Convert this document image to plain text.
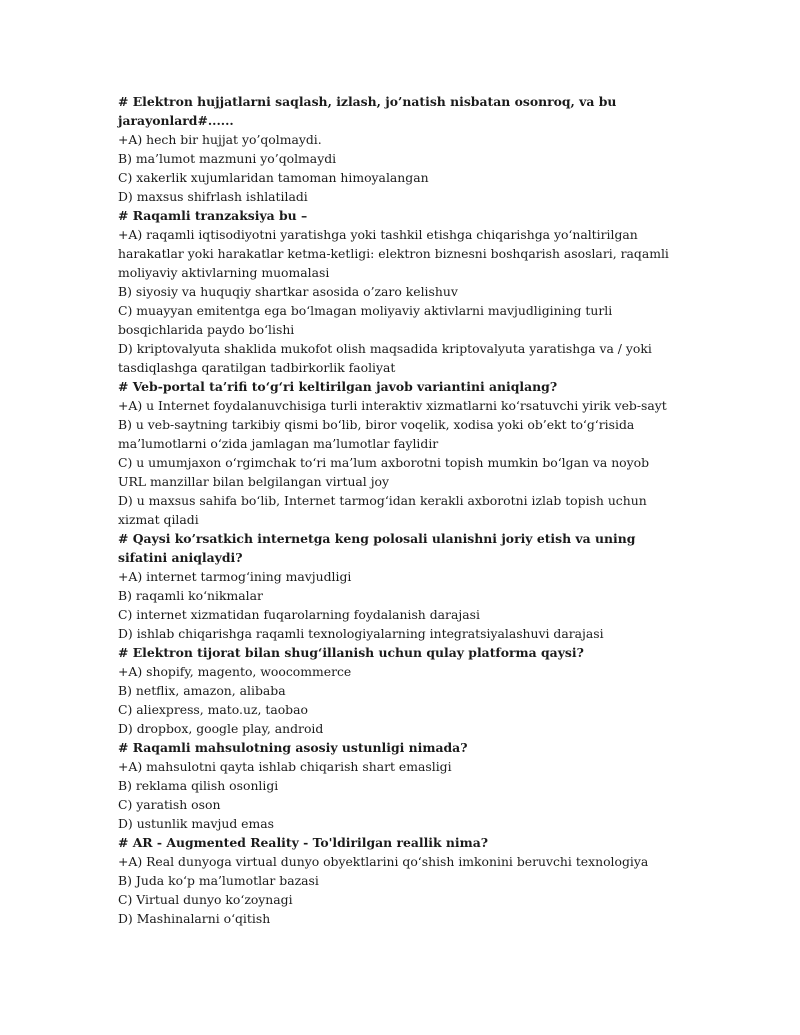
# Elektron hujjatlarni saqlash, izlash, jo’natish nisbatan osonroq, va bu jarayonlard#......
+A) hech bir hujjat yo’qolmaydi.
B) ma’lumot mazmuni yo’qolmaydi
C) xakerlik xujumlaridan tamoman himoyalangan
D) maxsus shifrlash ishlatiladi
# Raqamli tranzaksiya bu –
+A) raqamli iqtisodiyotni yaratishga yoki tashkil etishga chiqarishga yo‘naltirilgan harakatlar yoki harakatlar ketma-ketligi: elektron biznesni boshqarish asoslari, raqamli moliyaviy aktivlarning muomalasi
B) siyosiy va huquqiy shartkar asosida o’zaro kelishuv
C) muayyan emitentga ega bo‘lmagan moliyaviy aktivlarni mavjudligining turli bosqichlarida paydo bo‘lishi
D) kriptovalyuta shaklida mukofot olish maqsadida kriptovalyuta yaratishga va / yoki tasdiqlashga qaratilgan tadbirkorlik faoliyat
# Veb-portal ta’rifi to‘g‘ri keltirilgan javob variantini aniqlang?
+A) u Internet foydalanuvchisiga turli interaktiv xizmatlarni ko‘rsatuvchi yirik veb-sayt
B) u veb-saytning tarkibiy qismi bo‘lib, biror voqelik, xodisa yoki ob’ekt to‘g‘risida ma’lumotlarni o‘zida jamlagan ma’lumotlar faylidir
C) u umumjaxon o‘rgimchak to‘ri ma’lum axborotni topish mumkin bo‘lgan va noyob URL manzillar bilan belgilangan virtual joy
D) u maxsus sahifa bo‘lib, Internet tarmog‘idan kerakli axborotni izlab topish uchun xizmat qiladi
# Qaysi ko’rsatkich internetga keng polosali ulanishni joriy etish va uning sifatini aniqlaydi?
+A) internet tarmog‘ining mavjudligi
B) raqamli ko‘nikmalar
C) internet xizmatidan fuqarolarning foydalanish darajasi
D) ishlab chiqarishga raqamli texnologiyalarning integratsiyalashuvi darajasi
# Elektron tijorat bilan shug‘illanish uchun qulay platforma qaysi?
+A) shopify, magento, woocommerce
B) netflix, amazon, alibaba
C) aliexpress, mato.uz, taobao
D) dropbox, google play, android
# Raqamli mahsulotning asosiy ustunligi nimada?
+A) mahsulotni qayta ishlab chiqarish shart emasligi
B) reklama qilish osonligi
C) yaratish oson
D) ustunlik mavjud emas
# AR - Augmented Reality - To'ldirilgan reallik nima?
+A) Real dunyoga virtual dunyo obyektlarini qo‘shish imkonini beruvchi texnologiya
B) Juda ko‘p ma’lumotlar bazasi
C) Virtual dunyo ko‘zoynagi
D) Mashinalarni o‘qitish
